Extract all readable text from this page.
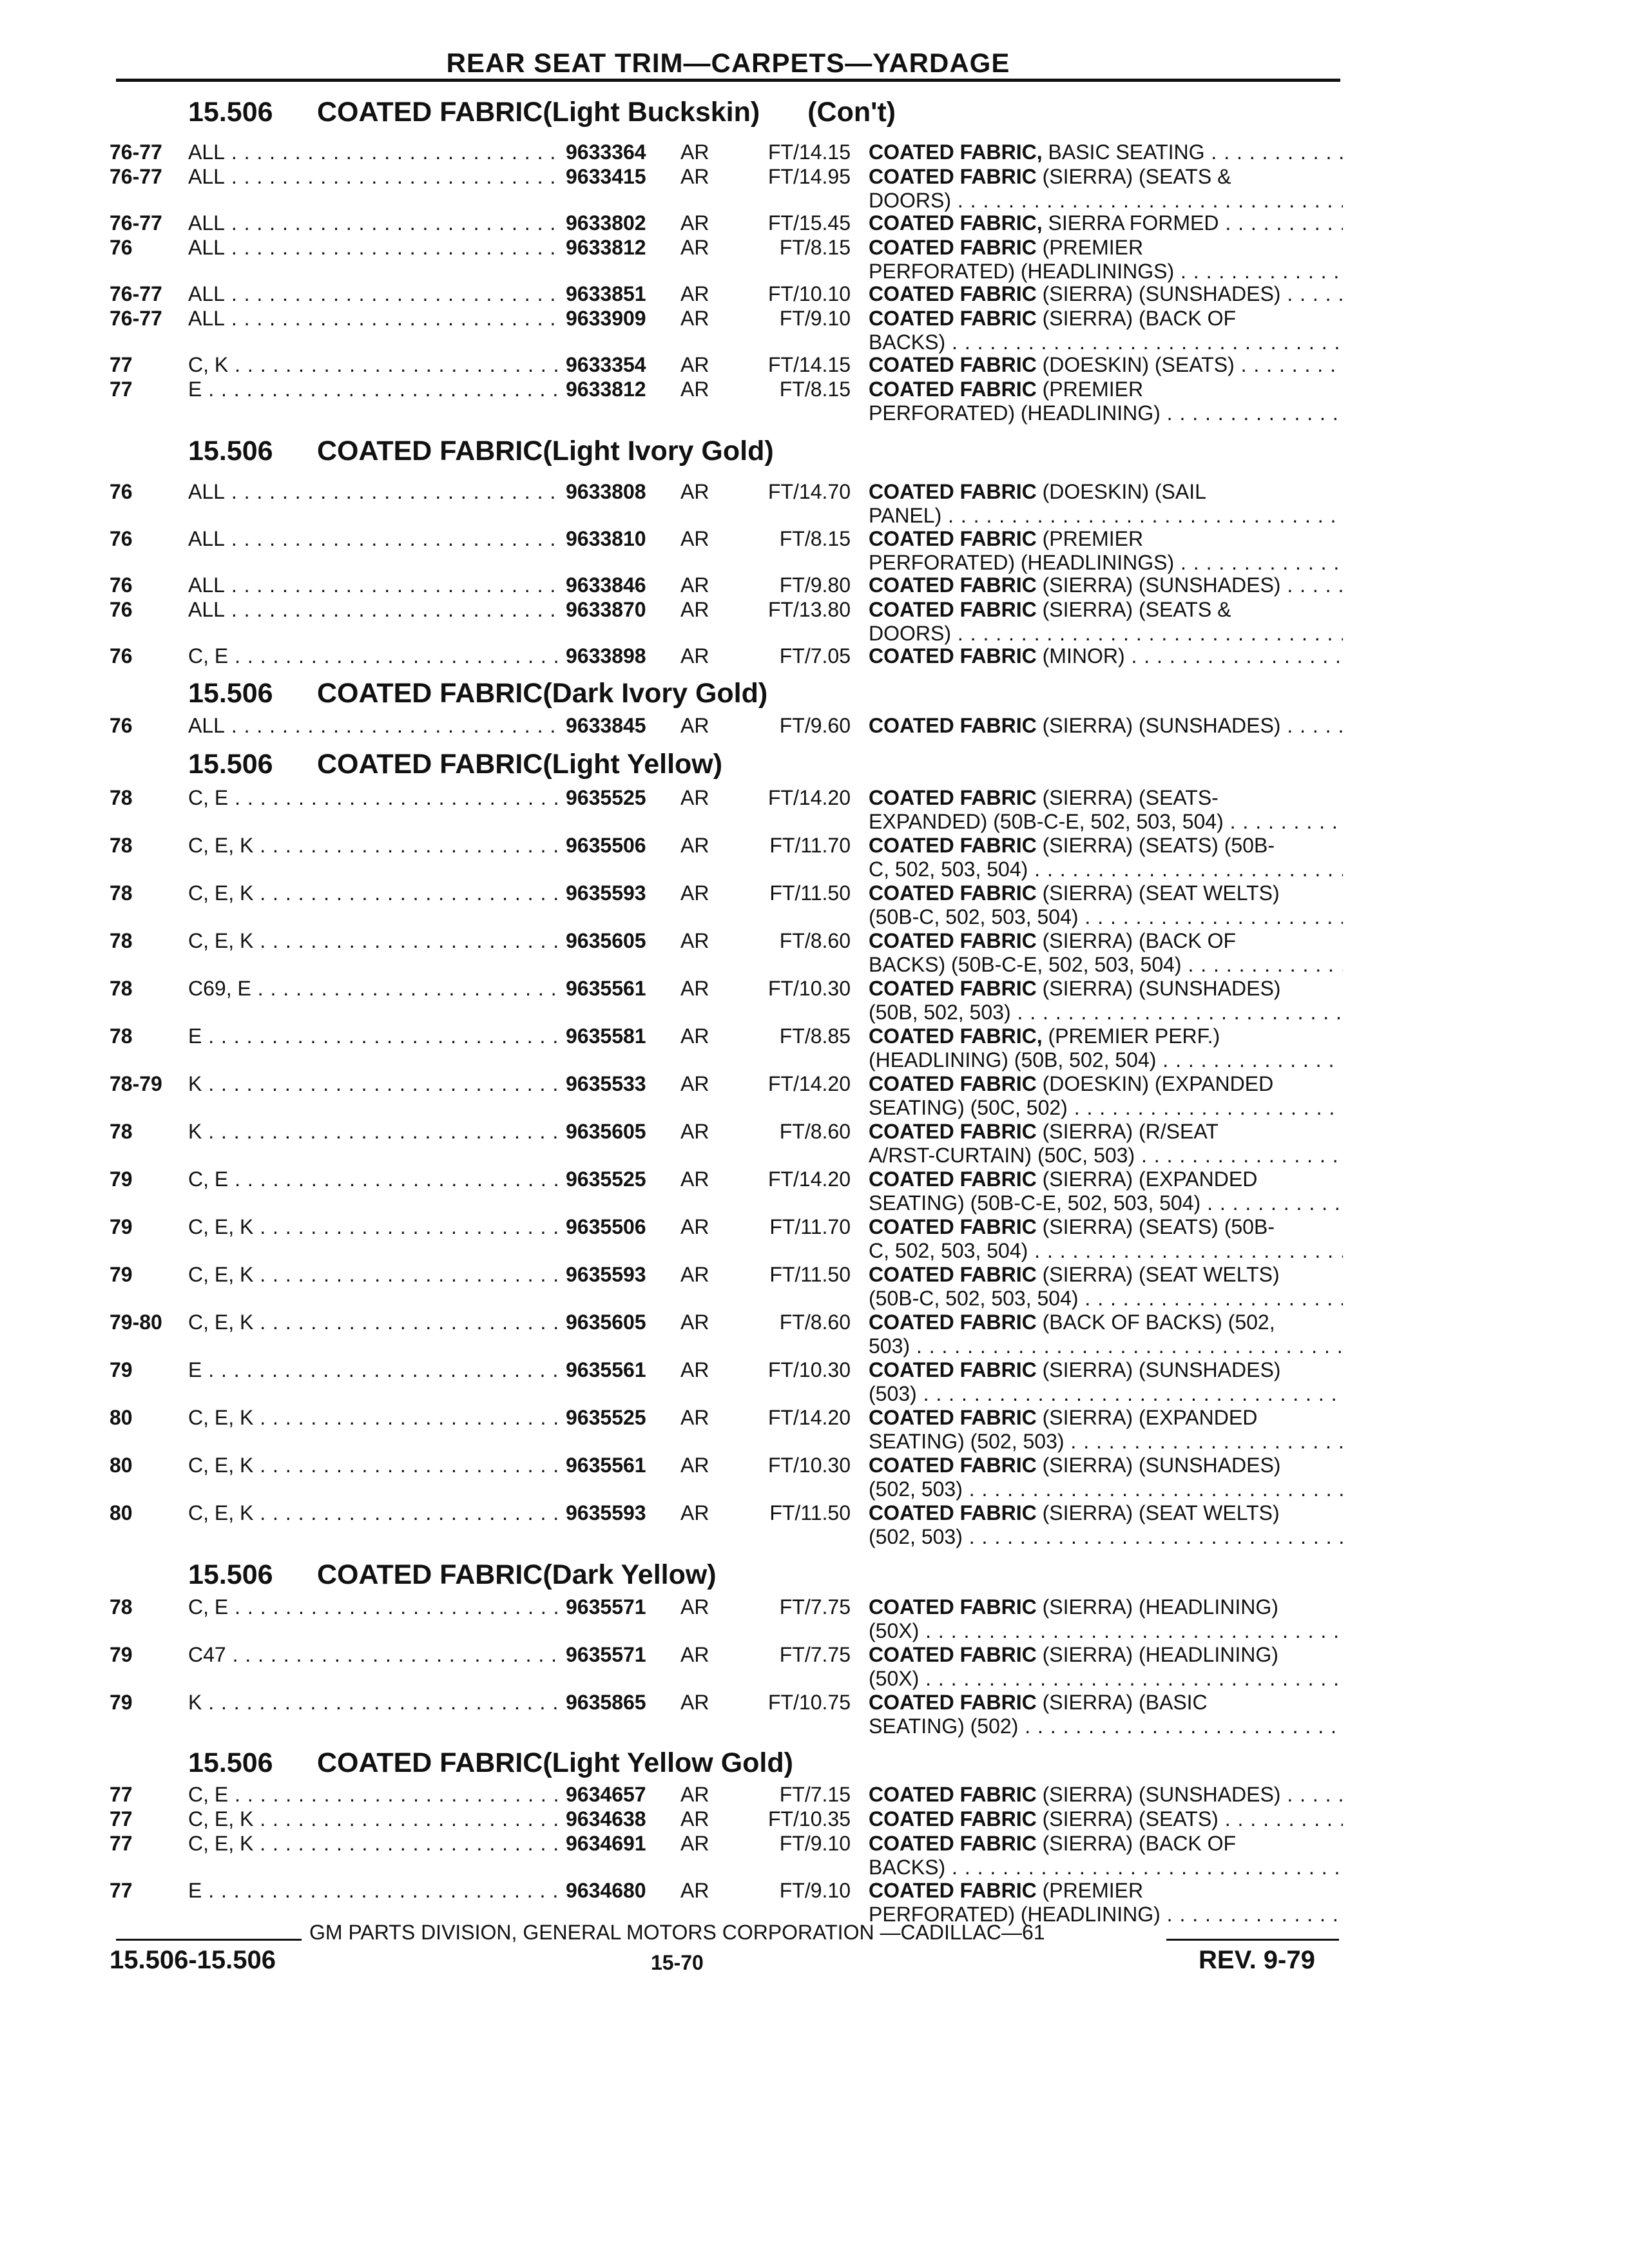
REAR SEAT TRIM—CARPETS—YARDAGE
15.506 COATED FABRIC(Light Buckskin) (Con't)
76-77 ALL . . .	9633364	AR	FT/14.15 COATED FABRIC, BASIC SEATING . . .
76-77 ALL . . .	9633415	AR	FT/14.95 COATED FABRIC (SIERRA) (SEATS &
DOORS) . . .
76-77 ALL . . .	9633802	AR	FT/15.45 COATED FABRIC, SIERRA FORMED . . .
76	ALL . . .	9633812	AR	FT/8.15 COATED FABRIC (PREMIER
PERFORATED) (HEADLININGS) . . .
76-77 ALL . . .	9633851	AR	FT/10.10 COATED FABRIC (SIERRA) (SUNSHADES) . . .
76-77 ALL . . .	9633909	AR	FT/9.10 COATED FABRIC (SIERRA) (BACK OF
BACKS) . . .
77	C, K . . .	9633354	AR	FT/14.15 COATED FABRIC (DOESKIN) (SEATS) . . .
77	E . . .	9633812	AR	FT/8.15 COATED FABRIC (PREMIER
PERFORATED) (HEADLINING) . . .
15.506 COATED FABRIC(Light Ivory Gold)
76	ALL . . .	9633808	AR	FT/14.70 COATED FABRIC (DOESKIN) (SAIL
PANEL) . . .
76	ALL . . .	9633810	AR	FT/8.15 COATED FABRIC (PREMIER
PERFORATED) (HEADLININGS) . . .
76	ALL . . .	9633846	AR	FT/9.80 COATED FABRIC (SIERRA) (SUNSHADES) . . .
76	ALL . . .	9633870	AR	FT/13.80 COATED FABRIC (SIERRA) (SEATS &
DOORS) . . .
76	C, E . . .	9633898	AR	FT/7.05 COATED FABRIC (MINOR) . . .
15.506 COATED FABRIC(Dark Ivory Gold)
76	ALL . . .	9633845	AR	FT/9.60 COATED FABRIC (SIERRA) (SUNSHADES) . . .
15.506 COATED FABRIC(Light Yellow)
78	C, E . . .	9635525	AR	FT/14.20 COATED FABRIC (SIERRA) (SEATS-
EXPANDED) (50B-C-E, 502, 503, 504) . . .
78	C, E, K . . .	9635506	AR	FT/11.70 COATED FABRIC (SIERRA) (SEATS) (50B-
C, 502, 503, 504) . . .
78	C, E, K . . .	9635593	AR	FT/11.50 COATED FABRIC (SIERRA) (SEAT WELTS)
(50B-C, 502, 503, 504) . . .
78	C, E, K . . .	9635605	AR	FT/8.60 COATED FABRIC (SIERRA) (BACK OF
BACKS) (50B-C-E, 502, 503, 504) . . .
78	C69, E . . .	9635561	AR	FT/10.30 COATED FABRIC (SIERRA) (SUNSHADES)
(50B, 502, 503) . . .
78	E . . .	9635581	AR	FT/8.85 COATED FABRIC, (PREMIER PERF.)
(HEADLINING) (50B, 502, 504) . . .
78-79 K . . .	9635533	AR	FT/14.20 COATED FABRIC (DOESKIN) (EXPANDED
SEATING) (50C, 502) . . .
78	K . . .	9635605	AR	FT/8.60 COATED FABRIC (SIERRA) (R/SEAT
A/RST-CURTAIN) (50C, 503) . . .
79	C, E . . .	9635525	AR	FT/14.20 COATED FABRIC (SIERRA) (EXPANDED
SEATING) (50B-C-E, 502, 503, 504) . . .
79	C, E, K . . .	9635506	AR	FT/11.70 COATED FABRIC (SIERRA) (SEATS) (50B-
C, 502, 503, 504) . . .
79	C, E, K . . .	9635593	AR	FT/11.50 COATED FABRIC (SIERRA) (SEAT WELTS)
(50B-C, 502, 503, 504) . . .
79-80 C, E, K . . .	9635605	AR	FT/8.60 COATED FABRIC (BACK OF BACKS) (502,
503) . . .
79	E . . .	9635561	AR	FT/10.30 COATED FABRIC (SIERRA) (SUNSHADES)
(503) . . .
80	C, E, K . . .	9635525	AR	FT/14.20 COATED FABRIC (SIERRA) (EXPANDED
SEATING) (502, 503) . . .
80	C, E, K . . .	9635561	AR	FT/10.30 COATED FABRIC (SIERRA) (SUNSHADES)
(502, 503) . . .
80	C, E, K . . .	9635593	AR	FT/11.50 COATED FABRIC (SIERRA) (SEAT WELTS)
(502, 503) . . .
15.506 COATED FABRIC(Dark Yellow)
78	C, E . . .	9635571	AR	FT/7.75 COATED FABRIC (SIERRA) (HEADLINING)
(50X) . . .
79	C47 . . .	9635571	AR	FT/7.75 COATED FABRIC (SIERRA) (HEADLINING)
(50X) . . .
79	K . . .	9635865	AR	FT/10.75 COATED FABRIC (SIERRA) (BASIC
SEATING) (502) . . .
15.506 COATED FABRIC(Light Yellow Gold)
77	C, E . . .	9634657	AR	FT/7.15 COATED FABRIC (SIERRA) (SUNSHADES) . . .
77	C, E, K . . .	9634638	AR	FT/10.35 COATED FABRIC (SIERRA) (SEATS) . . .
77	C, E, K . . .	9634691	AR	FT/9.10 COATED FABRIC (SIERRA) (BACK OF
BACKS) . . .
77	E . . .	9634680	AR	FT/9.10 COATED FABRIC (PREMIER
PERFORATED) (HEADLINING) . . .
GM PARTS DIVISION, GENERAL MOTORS CORPORATION —CADILLAC—61
15.506-15.506	15-70	REV. 9-79
